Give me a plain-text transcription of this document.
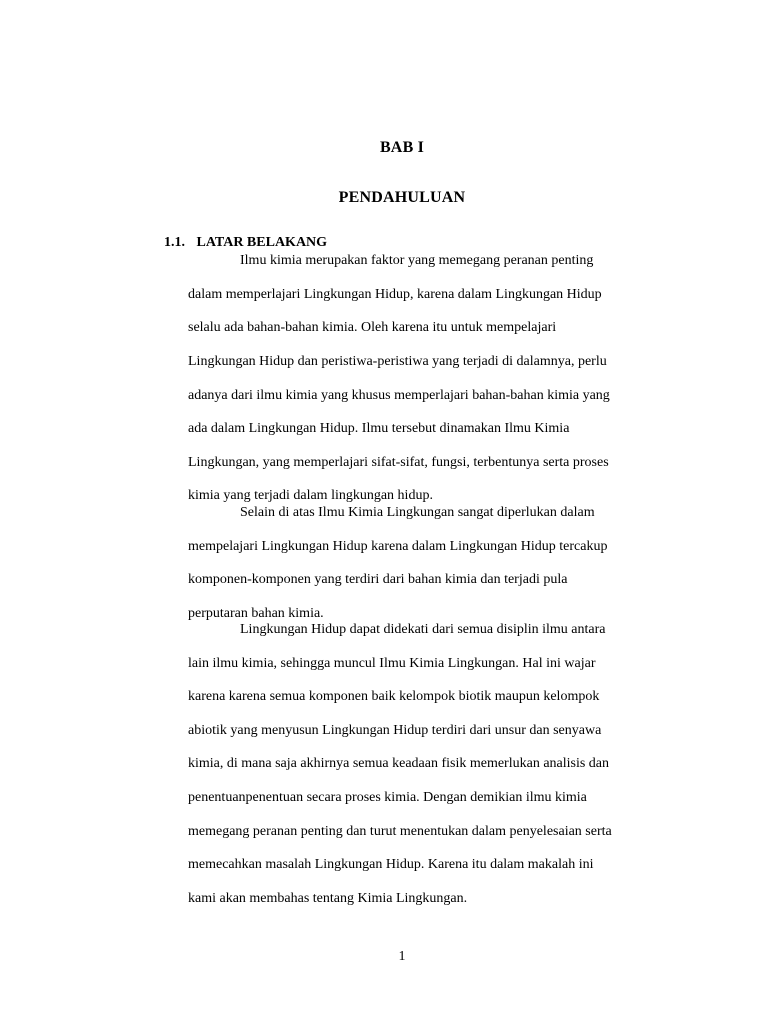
BAB I
PENDAHULUAN
1.1. LATAR BELAKANG
Ilmu kimia merupakan faktor yang memegang peranan penting
dalam memperlajari Lingkungan Hidup, karena dalam Lingkungan Hidup
selalu ada bahan-bahan kimia. Oleh karena itu untuk mempelajari
Lingkungan Hidup dan peristiwa-peristiwa yang terjadi di dalamnya, perlu
adanya dari ilmu kimia yang khusus memperlajari bahan-bahan kimia yang
ada dalam Lingkungan Hidup. Ilmu tersebut dinamakan Ilmu Kimia
Lingkungan, yang memperlajari sifat-sifat, fungsi, terbentunya serta proses
kimia yang terjadi dalam lingkungan hidup.
Selain di atas Ilmu Kimia Lingkungan sangat diperlukan dalam
mempelajari Lingkungan Hidup karena dalam Lingkungan Hidup tercakup
komponen-komponen yang terdiri dari bahan kimia dan terjadi pula
perputaran bahan kimia.
Lingkungan Hidup dapat didekati dari semua disiplin ilmu antara
lain ilmu kimia, sehingga muncul Ilmu Kimia Lingkungan. Hal ini wajar
karena karena semua komponen baik kelompok biotik maupun kelompok
abiotik yang menyusun Lingkungan Hidup terdiri dari unsur dan senyawa
kimia, di mana saja akhirnya semua keadaan fisik memerlukan analisis dan
penentuanpenentuan secara proses kimia. Dengan demikian ilmu kimia
memegang peranan penting dan turut menentukan dalam penyelesaian serta
memecahkan masalah Lingkungan Hidup. Karena itu dalam makalah ini
kami akan membahas tentang Kimia Lingkungan.
1
